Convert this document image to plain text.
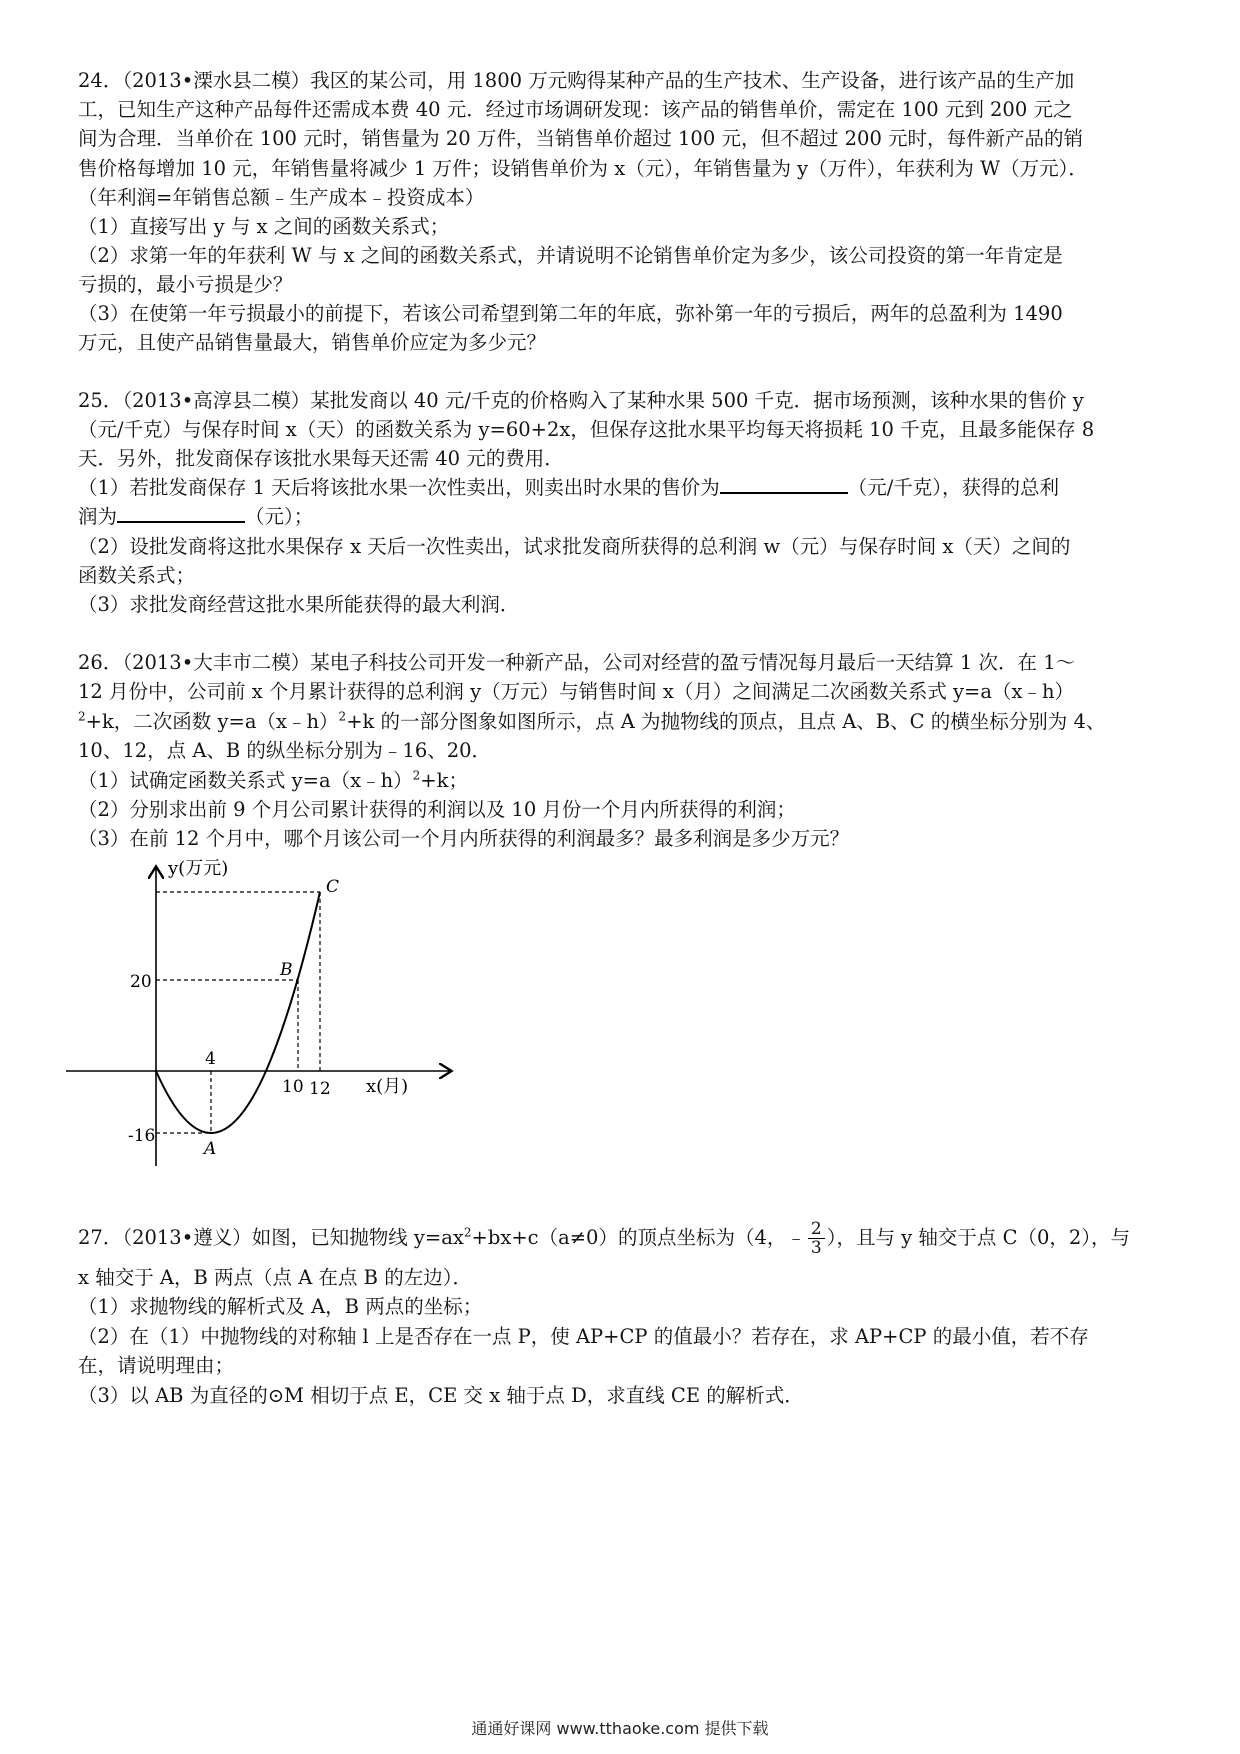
24．（2013•溧水县二模）我区的某公司，用 1800 万元购得某种产品的生产技术、生产设备，进行该产品的生产加
工，已知生产这种产品每件还需成本费 40 元．经过市场调研发现：该产品的销售单价，需定在 100 元到 200 元之
间为合理．当单价在 100 元时，销售量为 20 万件，当销售单价超过 100 元，但不超过 200 元时，每件新产品的销
售价格每增加 10 元，年销售量将减少 1 万件；设销售单价为 x（元），年销售量为 y（万件），年获利为 W（万元）．
（年利润=年销售总额﹣生产成本﹣投资成本）
（1）直接写出 y 与 x 之间的函数关系式；
（2）求第一年的年获利 W 与 x 之间的函数关系式，并请说明不论销售单价定为多少，该公司投资的第一年肯定是
亏损的，最小亏损是少？
（3）在使第一年亏损最小的前提下，若该公司希望到第二年的年底，弥补第一年的亏损后，两年的总盈利为 1490
万元，且使产品销售量最大，销售单价应定为多少元？
25．（2013•高淳县二模）某批发商以 40 元/千克的价格购入了某种水果 500 千克．据市场预测，该种水果的售价 y
（元/千克）与保存时间 x（天）的函数关系为 y=60+2x，但保存这批水果平均每天将损耗 10 千克，且最多能保存 8
天．另外，批发商保存该批水果每天还需 40 元的费用．
（1）若批发商保存 1 天后将该批水果一次性卖出，则卖出时水果的售价为	（元/千克），获得的总利
润为	（元）；
（2）设批发商将这批水果保存 x 天后一次性卖出，试求批发商所获得的总利润 w（元）与保存时间 x（天）之间的
函数关系式；
（3）求批发商经营这批水果所能获得的最大利润．
26．（2013•大丰市二模）某电子科技公司开发一种新产品，公司对经营的盈亏情况每月最后一天结算 1 次．在 1～
12 月份中，公司前 x 个月累计获得的总利润 y（万元）与销售时间 x（月）之间满足二次函数关系式 y=a（x﹣h）
$^2$+k，二次函数 y=a（x﹣h）$^2$+k 的一部分图象如图所示，点 A 为抛物线的顶点，且点 A、B、C 的横坐标分别为 4、
10、12，点 A、B 的纵坐标分别为﹣16、20．
（1）试确定函数关系式 y=a（x﹣h）$^2$+k；
（2）分别求出前 9 个月公司累计获得的利润以及 10 月份一个月内所获得的利润；
（3）在前 12 个月中，哪个月该公司一个月内所获得的利润最多？最多利润是多少万元？
y(万元)
x(月)
20
-16
4
10 12
A
B
C
27．（2013•遵义）如图，已知抛物线 $y=ax^2+bx+c(a\ne 0)$的顶点坐标为（4，﹣ $\frac{2}{3}$ ），且与 y 轴交于点 C（0，2），与
x 轴交于 A，B 两点（点 A 在点 B 的左边）．
（1）求抛物线的解析式及 A，B 两点的坐标；
（2）在（1）中抛物线的对称轴 l 上是否存在一点 P，使 AP+CP 的值最小？若存在，求 AP+CP 的最小值，若不存
在，请说明理由；
（3）以 AB 为直径的⊙M 相切于点 E，CE 交 x 轴于点 D，求直线 CE 的解析式．
通通好课网 www.tthaoke.com 提供下载
